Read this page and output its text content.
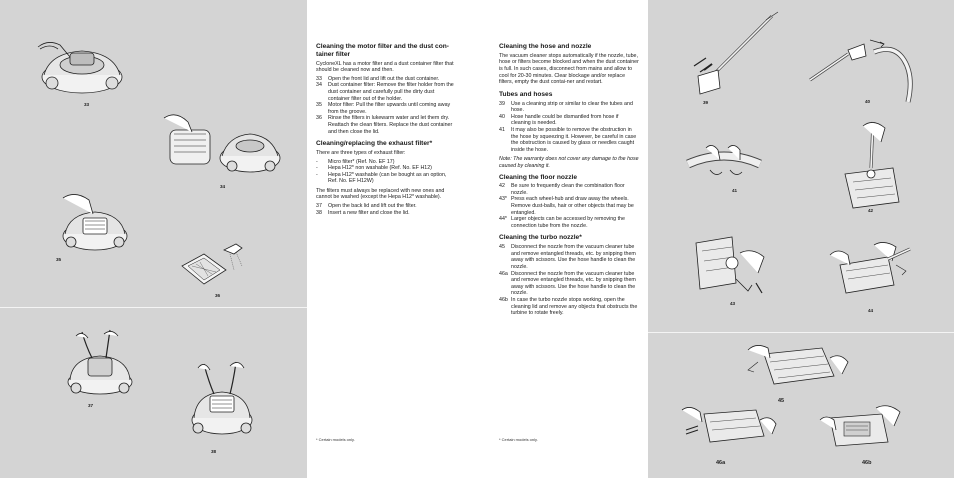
33
34
35
36
37
38
Cleaning the motor filter and the dust con-tainer filter

CycloneXL has a motor filter and a dust container filter that should be cleaned now and then.

33	Open the front lid and lift out the dust container.
34	Dust container filter: Remove the filter holder from the dust container and carefully pull the dirty dust container filter out of the holder.
35	Motor filter: Pull the filter upwards until coming away from the groove.
36	Rinse the filters in lukewarm water and let them dry. Reattach the clean filters. Replace the dust container and then close the lid.
Cleaning/replacing the exhaust filter*

There are three types of exhaust filter:

-	Micro filter* (Ref. No. EF 17)
-	Hepa H12* non washable (Ref. No. EF H12)
-	Hepa H12* washable (can be bought as an option, Ref. No. EF H12W)

The filters must always be replaced with new ones and cannot be washed (except the Hepa H12* washable).

37	Open the back lid and lift out the filter.
38	Insert a new filter and close the lid.
* Certain models only.
Cleaning the hose and nozzle

The vacuum cleaner stops automatically if the nozzle, tube, hose or filters become blocked and when the dust container is full. In such cases, disconnect from mains and allow to cool for 20-30 minutes. Clear blockage and/or replace filters, empty the dust contai-ner and restart.

Tubes and hoses
39	Use a cleaning strip or similar to clear the tubes and hose.
40	Hose handle could be dismantled from hose if cleaning is needed.
41	It may also be possible to remove the obstruction in the hose by squeezing it. However, be careful in case the obstruction is caused by glass or needles caught inside the hose.

Note: The warranty does not cover any damage to the hose caused by cleaning it.

Cleaning the floor nozzle
42	Be sure to frequently clean the combination floor nozzle.
43* Press each wheel-hub and draw away the wheels. Remove dust-balls, hair or other objects that may be entangled.
44* Larger objects can be accessed by removing the connection tube from the nozzle.
Cleaning the turbo nozzle*
45	Disconnect the nozzle from the vacuum cleaner tube and remove entangled threads, etc. by snipping them away with scissors. Use the hose handle to clean the nozzle.
46a Disconnect the nozzle from the vacuum cleaner tube and remove entangled threads, etc. by snipping them away with scissors. Use the hose handle to clean the nozzle.
46b In case the turbo nozzle stops working, open the cleaning lid and remove any objects that obstructs the turbine to rotate freely.
* Certain models only.
39	40
41
42
43
44
45
46a	46b
